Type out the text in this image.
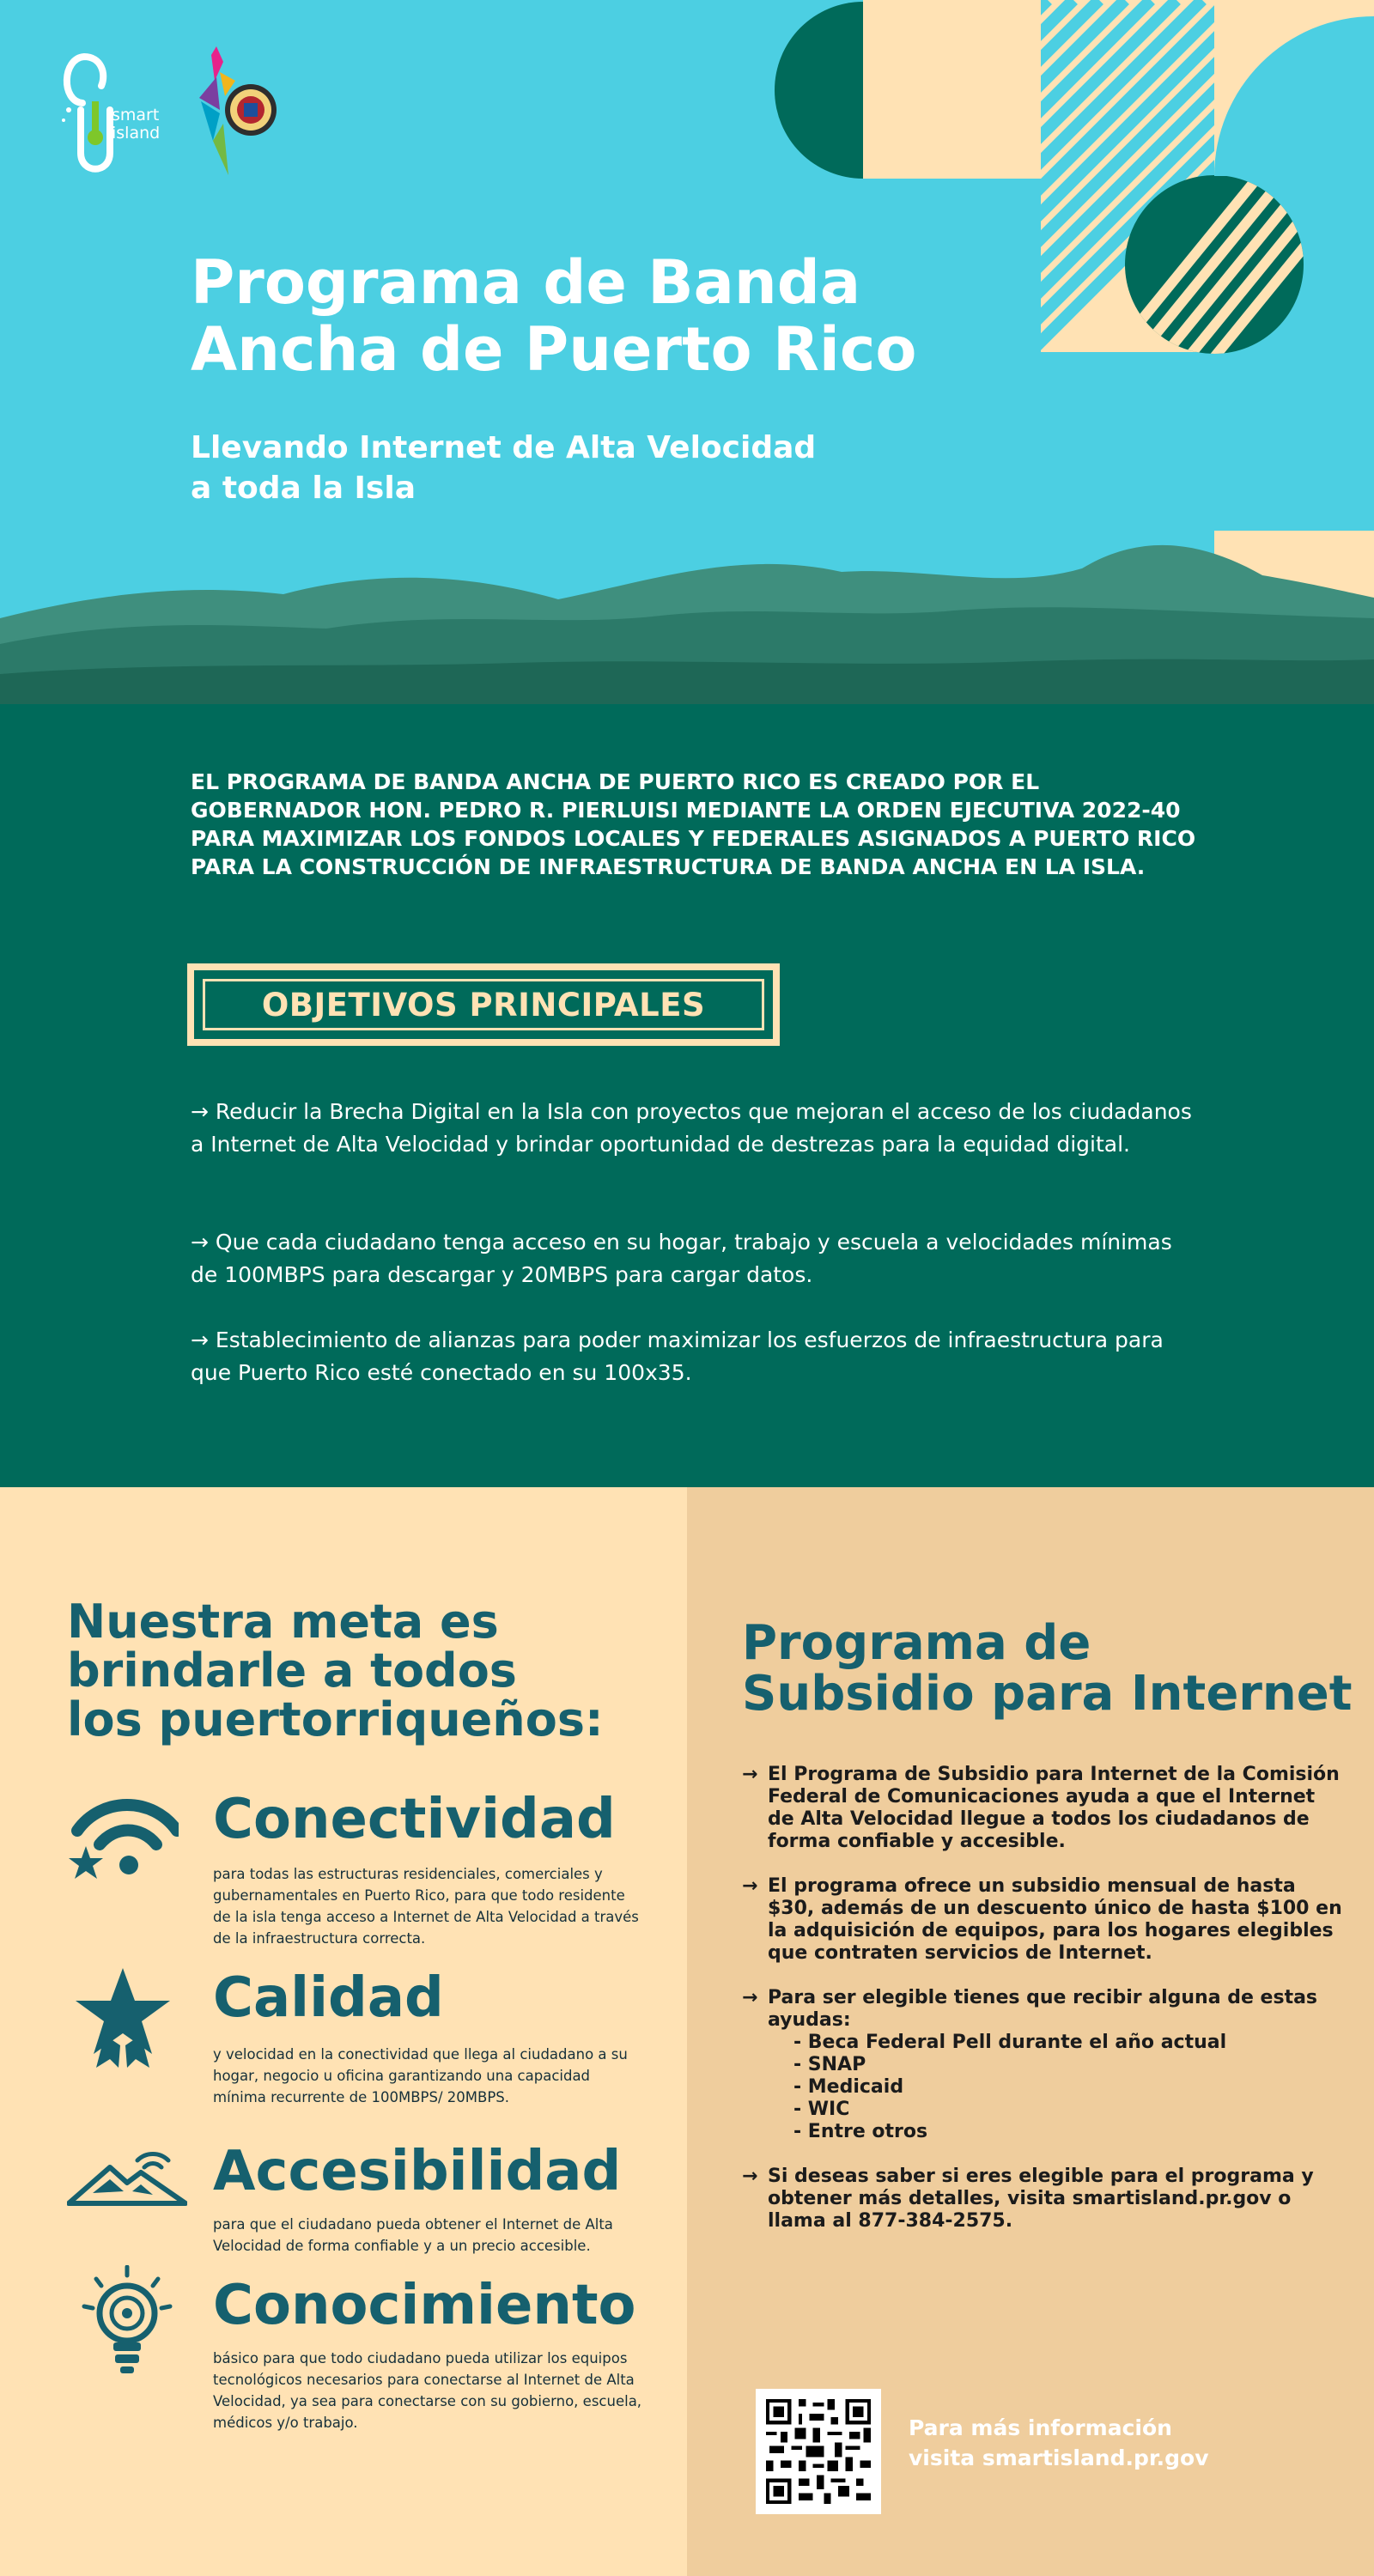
smart
island
Programa de Banda
Ancha de Puerto Rico
Llevando Internet de Alta Velocidad
a toda la Isla

EL PROGRAMA DE BANDA ANCHA DE PUERTO RICO ES CREADO POR EL GOBERNADOR HON. PEDRO R. PIERLUISI MEDIANTE LA ORDEN EJECUTIVA 2022-40 PARA MAXIMIZAR LOS FONDOS LOCALES Y FEDERALES ASIGNADOS A PUERTO RICO PARA LA CONSTRUCCIÓN DE INFRAESTRUCTURA DE BANDA ANCHA EN LA ISLA.

OBJETIVOS PRINCIPALES

→ Reducir la Brecha Digital en la Isla con proyectos que mejoran el acceso de los ciudadanos a Internet de Alta Velocidad y brindar oportunidad de destrezas para la equidad digital.

→ Que cada ciudadano tenga acceso en su hogar, trabajo y escuela a velocidades mínimas de 100MBPS para descargar y 20MBPS para cargar datos.

→ Establecimiento de alianzas para poder maximizar los esfuerzos de infraestructura para que Puerto Rico esté conectado en su 100x35.

Nuestra meta es
brindarle a todos
los puertorriqueños:
Conectividad
para todas las estructuras residenciales, comerciales y gubernamentales en Puerto Rico, para que todo residente de la isla tenga acceso a Internet de Alta Velocidad a través de la infraestructura correcta.
Calidad
y velocidad en la conectividad que llega al ciudadano a su hogar, negocio u oficina garantizando una capacidad mínima recurrente de 100MBPS/ 20MBPS.
Accesibilidad
para que el ciudadano pueda obtener el Internet de Alta Velocidad de forma confiable y a un precio accesible.
Conocimiento
básico para que todo ciudadano pueda utilizar los equipos tecnológicos necesarios para conectarse al Internet de Alta Velocidad, ya sea para conectarse con su gobierno, escuela, médicos y/o trabajo.
Programa de
Subsidio para Internet
→ El Programa de Subsidio para Internet de la Comisión Federal de Comunicaciones ayuda a que el Internet de Alta Velocidad llegue a todos los ciudadanos de forma confiable y accesible.
→ El programa ofrece un subsidio mensual de hasta $30, además de un descuento único de hasta $100 en la adquisición de equipos, para los hogares elegibles que contraten servicios de Internet.
→ Para ser elegible tienes que recibir alguna de estas ayudas:
- Beca Federal Pell durante el año actual
- SNAP
- Medicaid
- WIC
- Entre otros
→ Si deseas saber si eres elegible para el programa y obtener más detalles, visita smartisland.pr.gov o llama al 877-384-2575.
Para más información
visita smartisland.pr.gov
